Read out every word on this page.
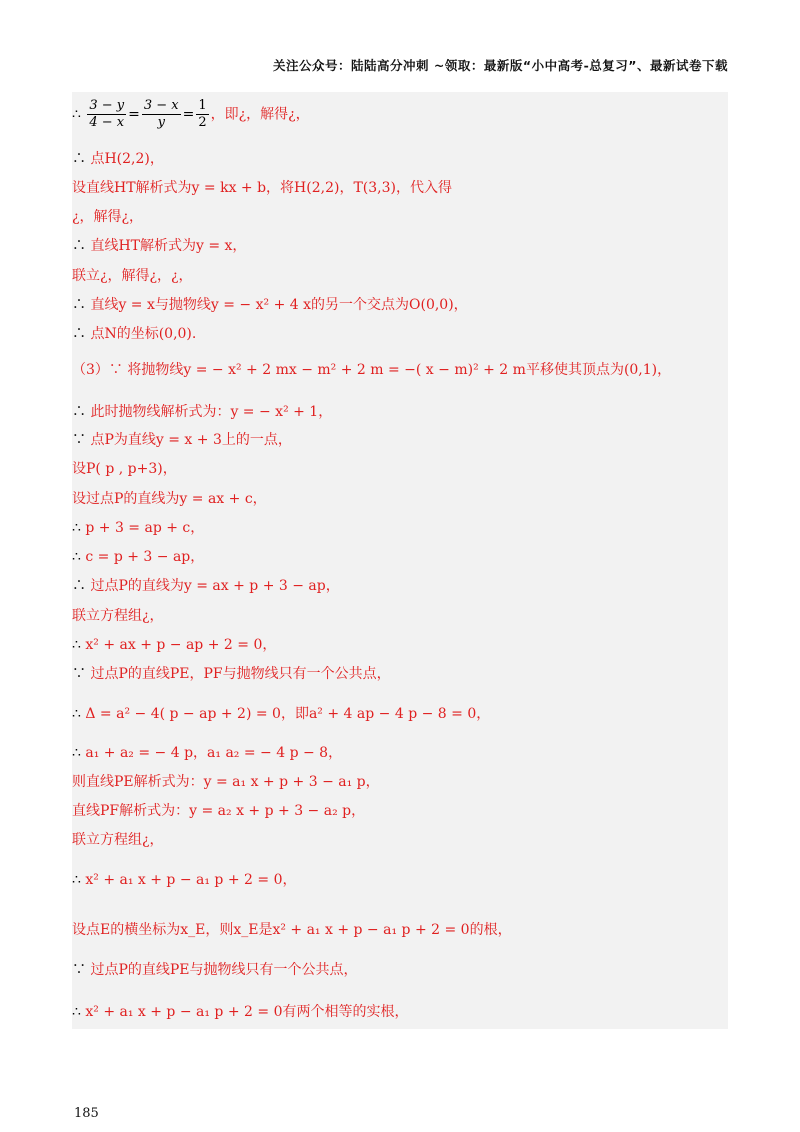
关注公众号：陆陆高分冲刺 ~领取：最新版“小中高考-总复习”、最新试卷下载
∴ $\frac{3 - y}{4 - x} = \frac{3 - x}{y} = \frac{1}{2}$ ，即¿，解得¿，
∴ 点H(2,2)，
设直线HT解析式为y = kx + b，将H(2,2)，T(3,3)，代入得
¿，解得¿，
∴ 直线HT解析式为y = x，
联立¿，解得¿，¿，
∴ 直线y = x与抛物线y = − x² + 4 x的另一个交点为O(0,0)，
∴ 点N的坐标(0,0).
（3）∵ 将抛物线y = − x² + 2 mx − m² + 2 m = −( x − m)² + 2 m平移使其顶点为(0,1)，
∴ 此时抛物线解析式为：y = − x² + 1，
∵ 点P为直线y = x + 3上的一点，
设P( p , p+3)，
设过点P的直线为y = ax + c，
∴ p + 3 = ap + c，
∴ c = p + 3 − ap，
∴ 过点P的直线为y = ax + p + 3 − ap，
联立方程组¿，
∴ x² + ax + p − ap + 2 = 0，
∵ 过点P的直线PE，PF与抛物线只有一个公共点，
∴ Δ = a² − 4( p − ap + 2) = 0，即a² + 4 ap − 4 p − 8 = 0，
∴ a₁ + a₂ = − 4 p，a₁ a₂ = − 4 p − 8，
则直线PE解析式为：y = a₁ x + p + 3 − a₁ p，
直线PF解析式为：y = a₂ x + p + 3 − a₂ p，
联立方程组¿，
∴ x² + a₁ x + p − a₁ p + 2 = 0，
设点E的横坐标为x_E，则x_E是x² + a₁ x + p − a₁ p + 2 = 0的根，
∵ 过点P的直线PE与抛物线只有一个公共点，
∴ x² + a₁ x + p − a₁ p + 2 = 0有两个相等的实根，
185
